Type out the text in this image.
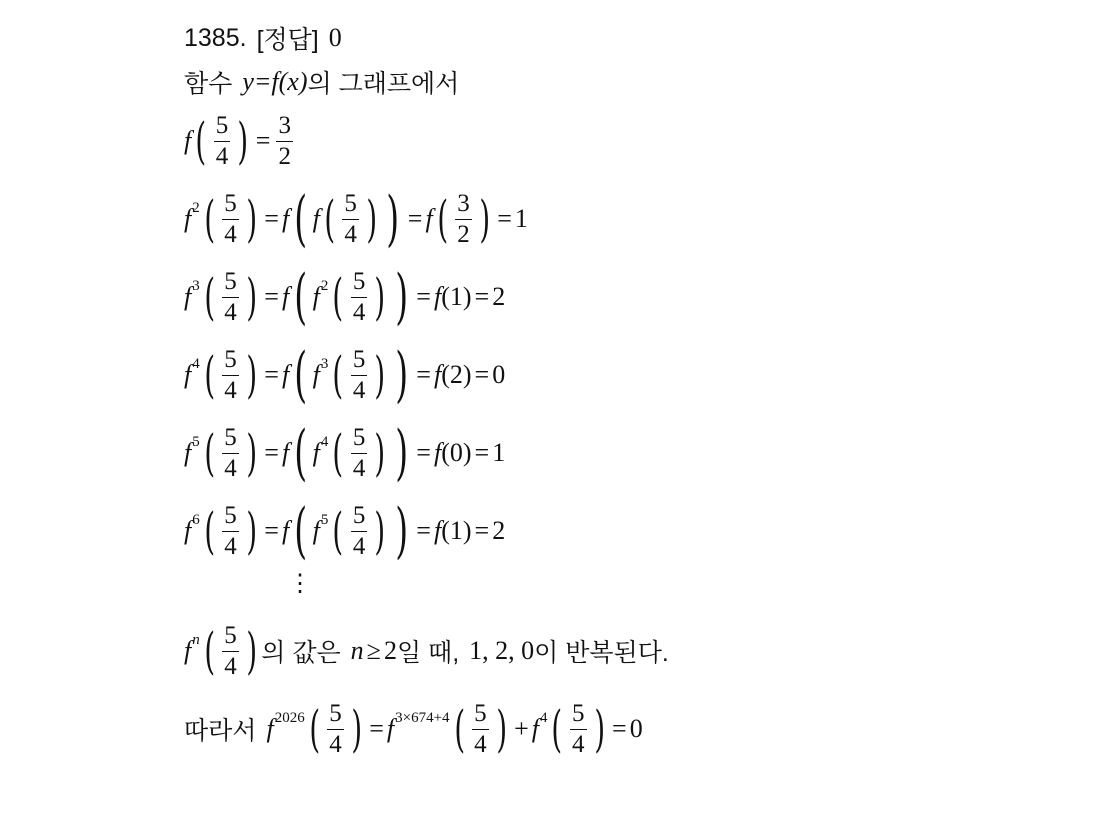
1385. [정답] 0
함수 y=f(x) 의 그래프에서
f ( $\frac{5}{4}$ ) = $\frac{3}{2}$
f 2 ( $\frac{5}{4}$ ) = f ( f ( $\frac{5}{4}$ ) ) = f ( $\frac{3}{2}$ ) = 1
f 3 ( $\frac{5}{4}$ ) = f ( f 2 ( $\frac{5}{4}$ ) ) = f (1) = 2
f 4 ( $\frac{5}{4}$ ) = f ( f 3 ( $\frac{5}{4}$ ) ) = f (2) = 0
f 5 ( $\frac{5}{4}$ ) = f ( f 4 ( $\frac{5}{4}$ ) ) = f (0) = 1
f 6 ( $\frac{5}{4}$ ) = f ( f 5 ( $\frac{5}{4}$ ) ) = f (1) = 2
⋮
f n ( $\frac{5}{4}$ ) 의 값은 n ≥ 2 일 때, 1, 2, 0 이 반복된다.
따라서 f 2026 ( $\frac{5}{4}$ ) = f 3×674+4 ( $\frac{5}{4}$ ) + f 4 ( $\frac{5}{4}$ ) = 0
